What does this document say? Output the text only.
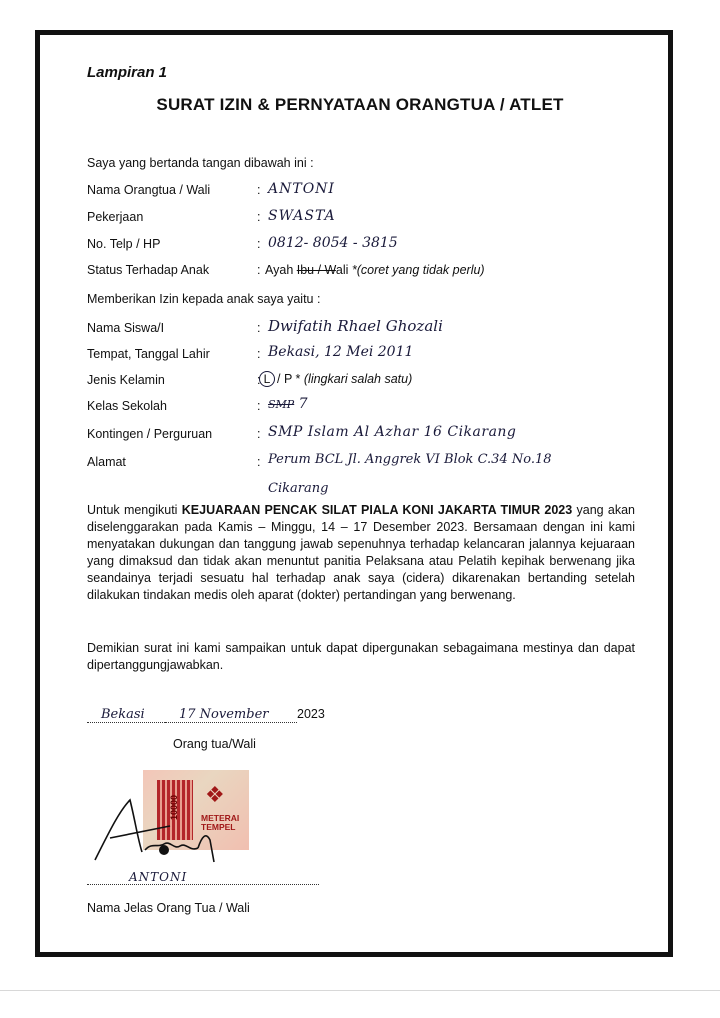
Lampiran 1
SURAT IZIN & PERNYATAAN ORANGTUA / ATLET
Saya yang bertanda tangan dibawah ini :
Nama Orangtua / Wali	: ANTONI
Pekerjaan	: SWASTA
No. Telp / HP	: 0812- 8054 - 3815
Status Terhadap Anak	: Ayah Ibu / Wali *(coret yang tidak perlu)
Memberikan Izin kepada anak saya yaitu :
Nama Siswa/I	: Dwifatih Rhael Ghozali
Tempat, Tanggal Lahir	: Bekasi, 12 Mei 2011
Jenis Kelamin	: L / P * (lingkari salah satu)
Kelas Sekolah	: SMP 7
Kontingen / Perguruan	: SMP Islam Al Azhar 16 Cikarang
Alamat	: Perum BCL Jl. Anggrek VI Blok C.34 No.18
Cikarang
Untuk mengikuti KEJUARAAN PENCAK SILAT PIALA KONI JAKARTA TIMUR 2023 yang akan diselenggarakan pada Kamis – Minggu, 14 – 17 Desember 2023. Bersamaan dengan ini kami menyatakan dukungan dan tanggung jawab sepenuhnya terhadap kelancaran jalannya kejuaraan yang dimaksud dan tidak akan menuntut panitia Pelaksana atau Pelatih kepihak berwenang jika seandainya terjadi sesuatu hal terhadap anak saya (cidera) dikarenakan bertanding setelah dilakukan tindakan medis oleh aparat (dokter) pertandingan yang berwenang.
Demikian surat ini kami sampaikan untuk dapat dipergunakan sebagaimana mestinya dan dapat dipertanggungjawabkan.
Bekasi	17 November 2023
Orang tua/Wali
10000
❖
METERAI
TEMPEL
ANTONI
Nama Jelas Orang Tua / Wali
